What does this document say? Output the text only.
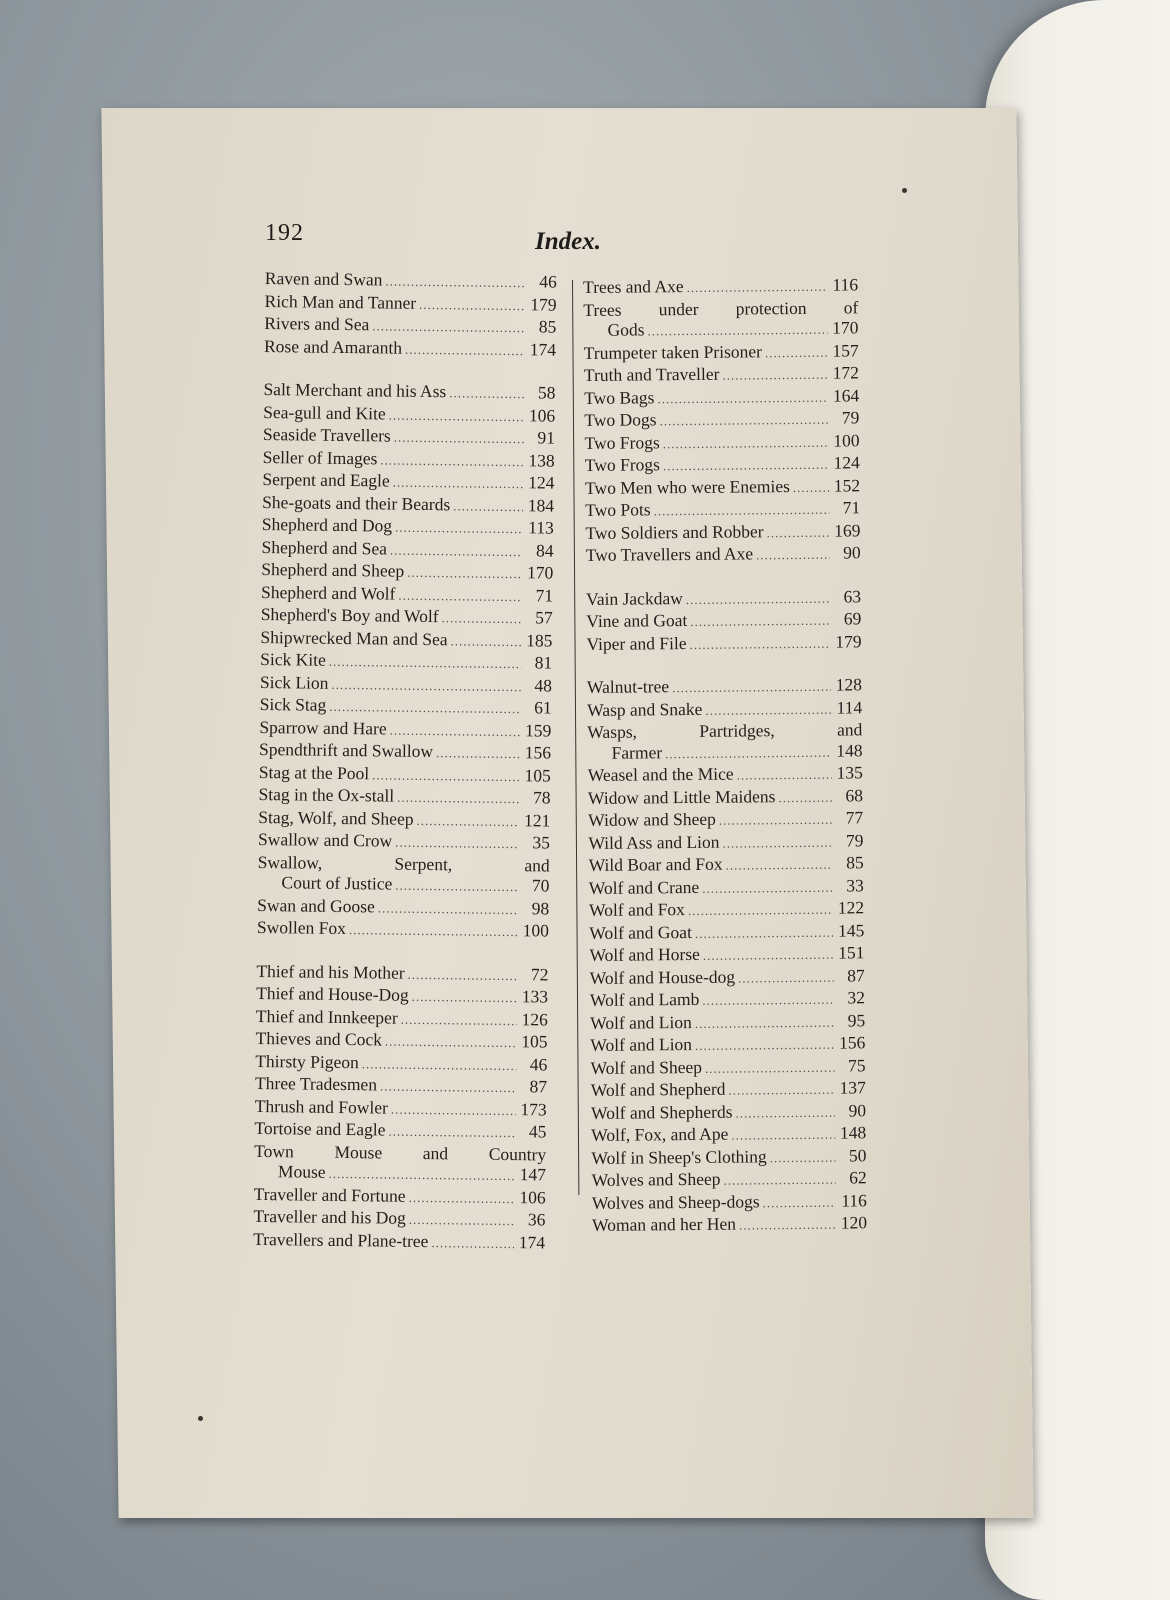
192	Index.
Raven and Swan .....	46
Rich Man and Tanner .....	179
Rivers and Sea .....	85
Rose and Amaranth .....	174
Salt Merchant and his Ass .....	58
Sea-gull and Kite .....	106
Seaside Travellers .....	91
Seller of Images .....	138
Serpent and Eagle .....	124
She-goats and their Beards .....	184
Shepherd and Dog .....	113
Shepherd and Sea .....	84
Shepherd and Sheep .....	170
Shepherd and Wolf .....	71
Shepherd's Boy and Wolf .....	57
Shipwrecked Man and Sea .....	185
Sick Kite .....	81
Sick Lion .....	48
Sick Stag .....	61
Sparrow and Hare .....	159
Spendthrift and Swallow .....	156
Stag at the Pool .....	105
Stag in the Ox-stall .....	78
Stag, Wolf, and Sheep .....	121
Swallow and Crow .....	35
Swallow, Serpent, and
Court of Justice .....	70
Swan and Goose .....	98
Swollen Fox .....	100
Thief and his Mother .....	72
Thief and House-Dog .....	133
Thief and Innkeeper .....	126
Thieves and Cock .....	105
Thirsty Pigeon .....	46
Three Tradesmen .....	87
Thrush and Fowler .....	173
Tortoise and Eagle .....	45
Town Mouse and Country
Mouse .....	147
Traveller and Fortune .....	106
Traveller and his Dog .....	36
Travellers and Plane-tree .....	174
Trees and Axe .....	116
Trees under protection of
Gods .....	170
Trumpeter taken Prisoner .....	157
Truth and Traveller .....	172
Two Bags .....	164
Two Dogs .....	79
Two Frogs .....	100
Two Frogs .....	124
Two Men who were Enemies ..... 152
Two Pots .....	71
Two Soldiers and Robber .....	169
Two Travellers and Axe .....	90
Vain Jackdaw .....	63
Vine and Goat .....	69
Viper and File .....	179
Walnut-tree .....	128
Wasp and Snake .....	114
Wasps, Partridges, and
Farmer .....	148
Weasel and the Mice .....	135
Widow and Little Maidens .....	68
Widow and Sheep .....	77
Wild Ass and Lion .....	79
Wild Boar and Fox .....	85
Wolf and Crane .....	33
Wolf and Fox .....	122
Wolf and Goat .....	145
Wolf and Horse .....	151
Wolf and House-dog .....	87
Wolf and Lamb .....	32
Wolf and Lion .....	95
Wolf and Lion .....	156
Wolf and Sheep .....	75
Wolf and Shepherd .....	137
Wolf and Shepherds .....	90
Wolf, Fox, and Ape .....	148
Wolf in Sheep's Clothing .....	50
Wolves and Sheep .....	62
Wolves and Sheep-dogs .....	116
Woman and her Hen .....	120
